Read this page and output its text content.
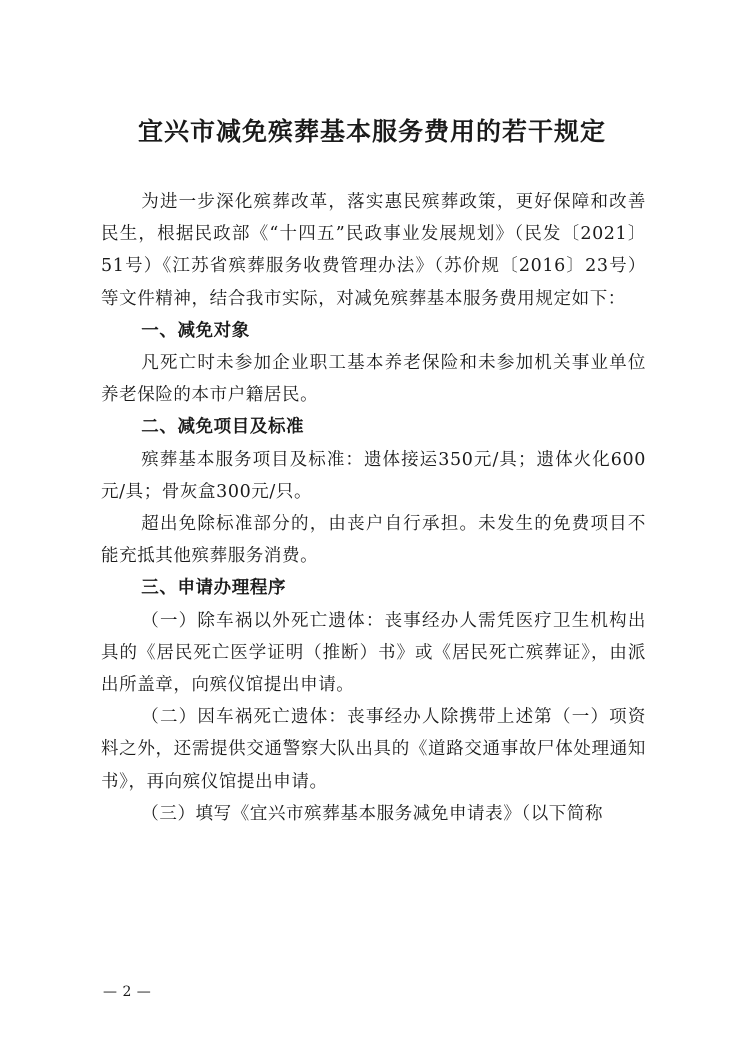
宜兴市减免殡葬基本服务费用的若干规定

为进一步深化殡葬改革，落实惠民殡葬政策，更好保障和改善民生，根据民政部《“十四五”民政事业发展规划》（民发〔2021〕51号）《江苏省殡葬服务收费管理办法》（苏价规〔2016〕23号）等文件精神，结合我市实际，对减免殡葬基本服务费用规定如下：

一、减免对象

凡死亡时未参加企业职工基本养老保险和未参加机关事业单位养老保险的本市户籍居民。

二、减免项目及标准

殡葬基本服务项目及标准：遗体接运350元/具；遗体火化600元/具；骨灰盒300元/只。

超出免除标准部分的，由丧户自行承担。未发生的免费项目不能充抵其他殡葬服务消费。

三、申请办理程序

（一）除车祸以外死亡遗体：丧事经办人需凭医疗卫生机构出具的《居民死亡医学证明（推断）书》或《居民死亡殡葬证》，由派出所盖章，向殡仪馆提出申请。

（二）因车祸死亡遗体：丧事经办人除携带上述第（一）项资料之外，还需提供交通警察大队出具的《道路交通事故尸体处理通知书》，再向殡仪馆提出申请。

（三）填写《宜兴市殡葬基本服务减免申请表》（以下简称

— 2 —
